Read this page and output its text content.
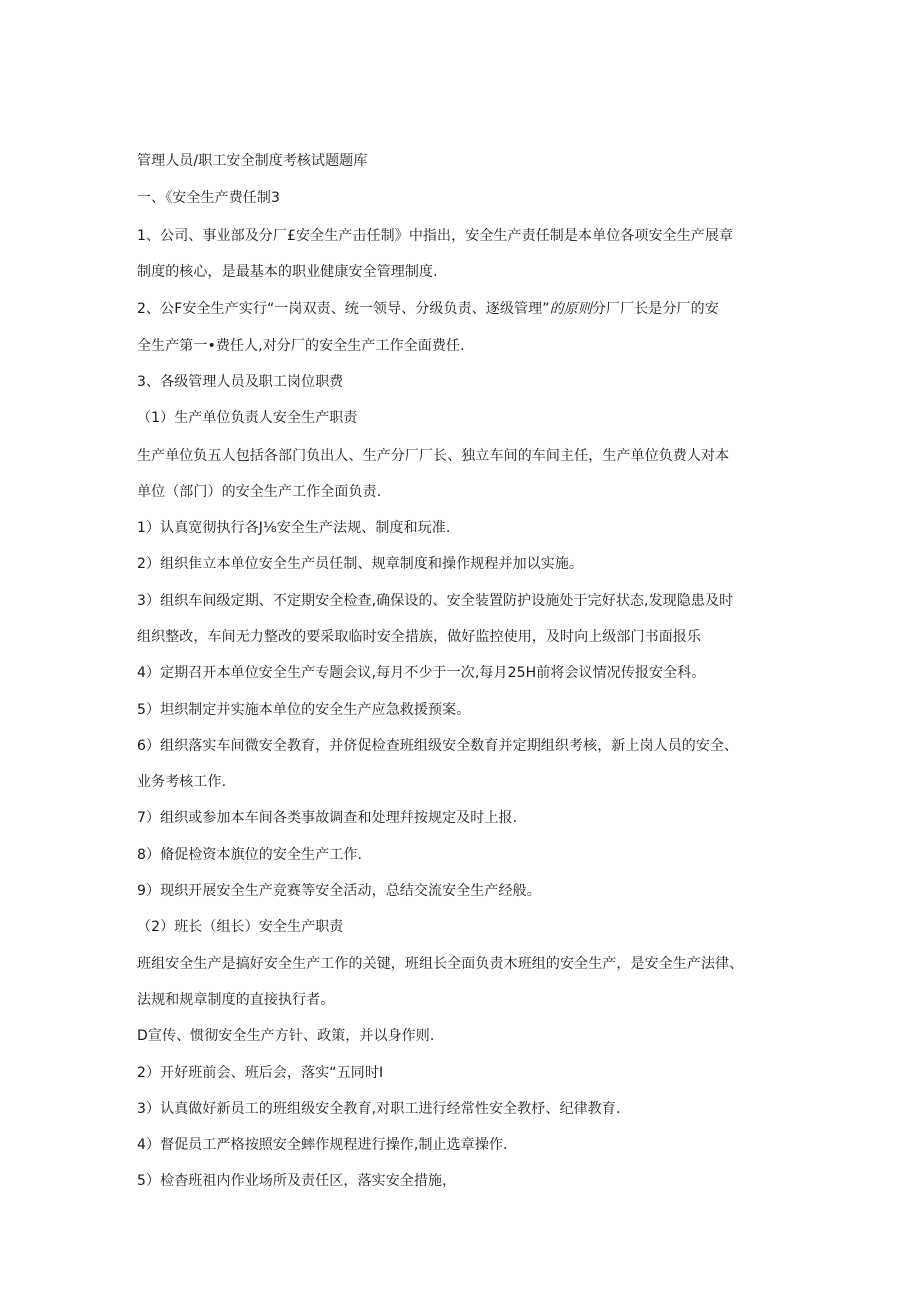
管理人员/职工安全制度考核试题题库
一、《安全生产费任制3
1、公司、事业部及分厂£安全生产击任制》中指出，安全生产责任制是本单位各项安全生产展章
制度的核心，是最基本的职业健康安全管理制度.
2、公F安全生产实行“一岗双责、统一领导、分级负责、逐级管理”的原则分厂厂长是分厂的安
全生产第一•费任人,对分厂的安全生产工作全面费任.
3、各级管理人员及职工岗位职费
（1）生产单位负责人安全生产职责
生产单位负五人包括各部门负出人、生产分厂厂长、独立车间的车间主任，生产单位负费人对本
单位（部门）的安全生产工作全面负责.
1）认真宽彻执行各J⅛安全生产法规、制度和玩准.
2）组织隹立本单位安全生产员任制、规章制度和操作规程并加以实施。
3）组织车间级定期、不定期安全检查,确保设的、安全装置防护设施处于完好状态,发现隐患及时
组织整改，车间无力整改的要采取临时安全措族，做好监控使用，及时向上级部门书面报乐
4）定期召开本单位安全生产专题会议,每月不少于一次,每月25H前将会议情况传报安全科。
5）坦织制定并实施本单位的安全生产应急救援预案。
6）组织落实车间微安全教育，并侪促检查班组级安全数育并定期组织考核，新上岗人员的安全、
业务考核工作.
7）组织或参加本车间各类事故调查和处理幷按规定及时上报.
8）脩促检资本旗位的安全生产工作.
9）现织开展安全生产竞赛等安全活动，总结交流安全生产经般。
（2）班长（组长）安全生产职责
班组安全生产是搞好安全生产工作的关键，班组长全面负责木班组的安全生产，是安全生产法律、
法规和规章制度的直接执行者。
D宣传、惯彻安全生产方针、政策，并以身作则.
2）开好班前会、班后会，落实“五同时I
3）认真做好新员工的班组级安全教育,对职工进行经常性安全教杼、纪律教育.
4）督促员工严格按照安全蟀作规程进行操作,制止选章操作.
5）检杳班祖内作业场所及责任区，落实安全措施，
